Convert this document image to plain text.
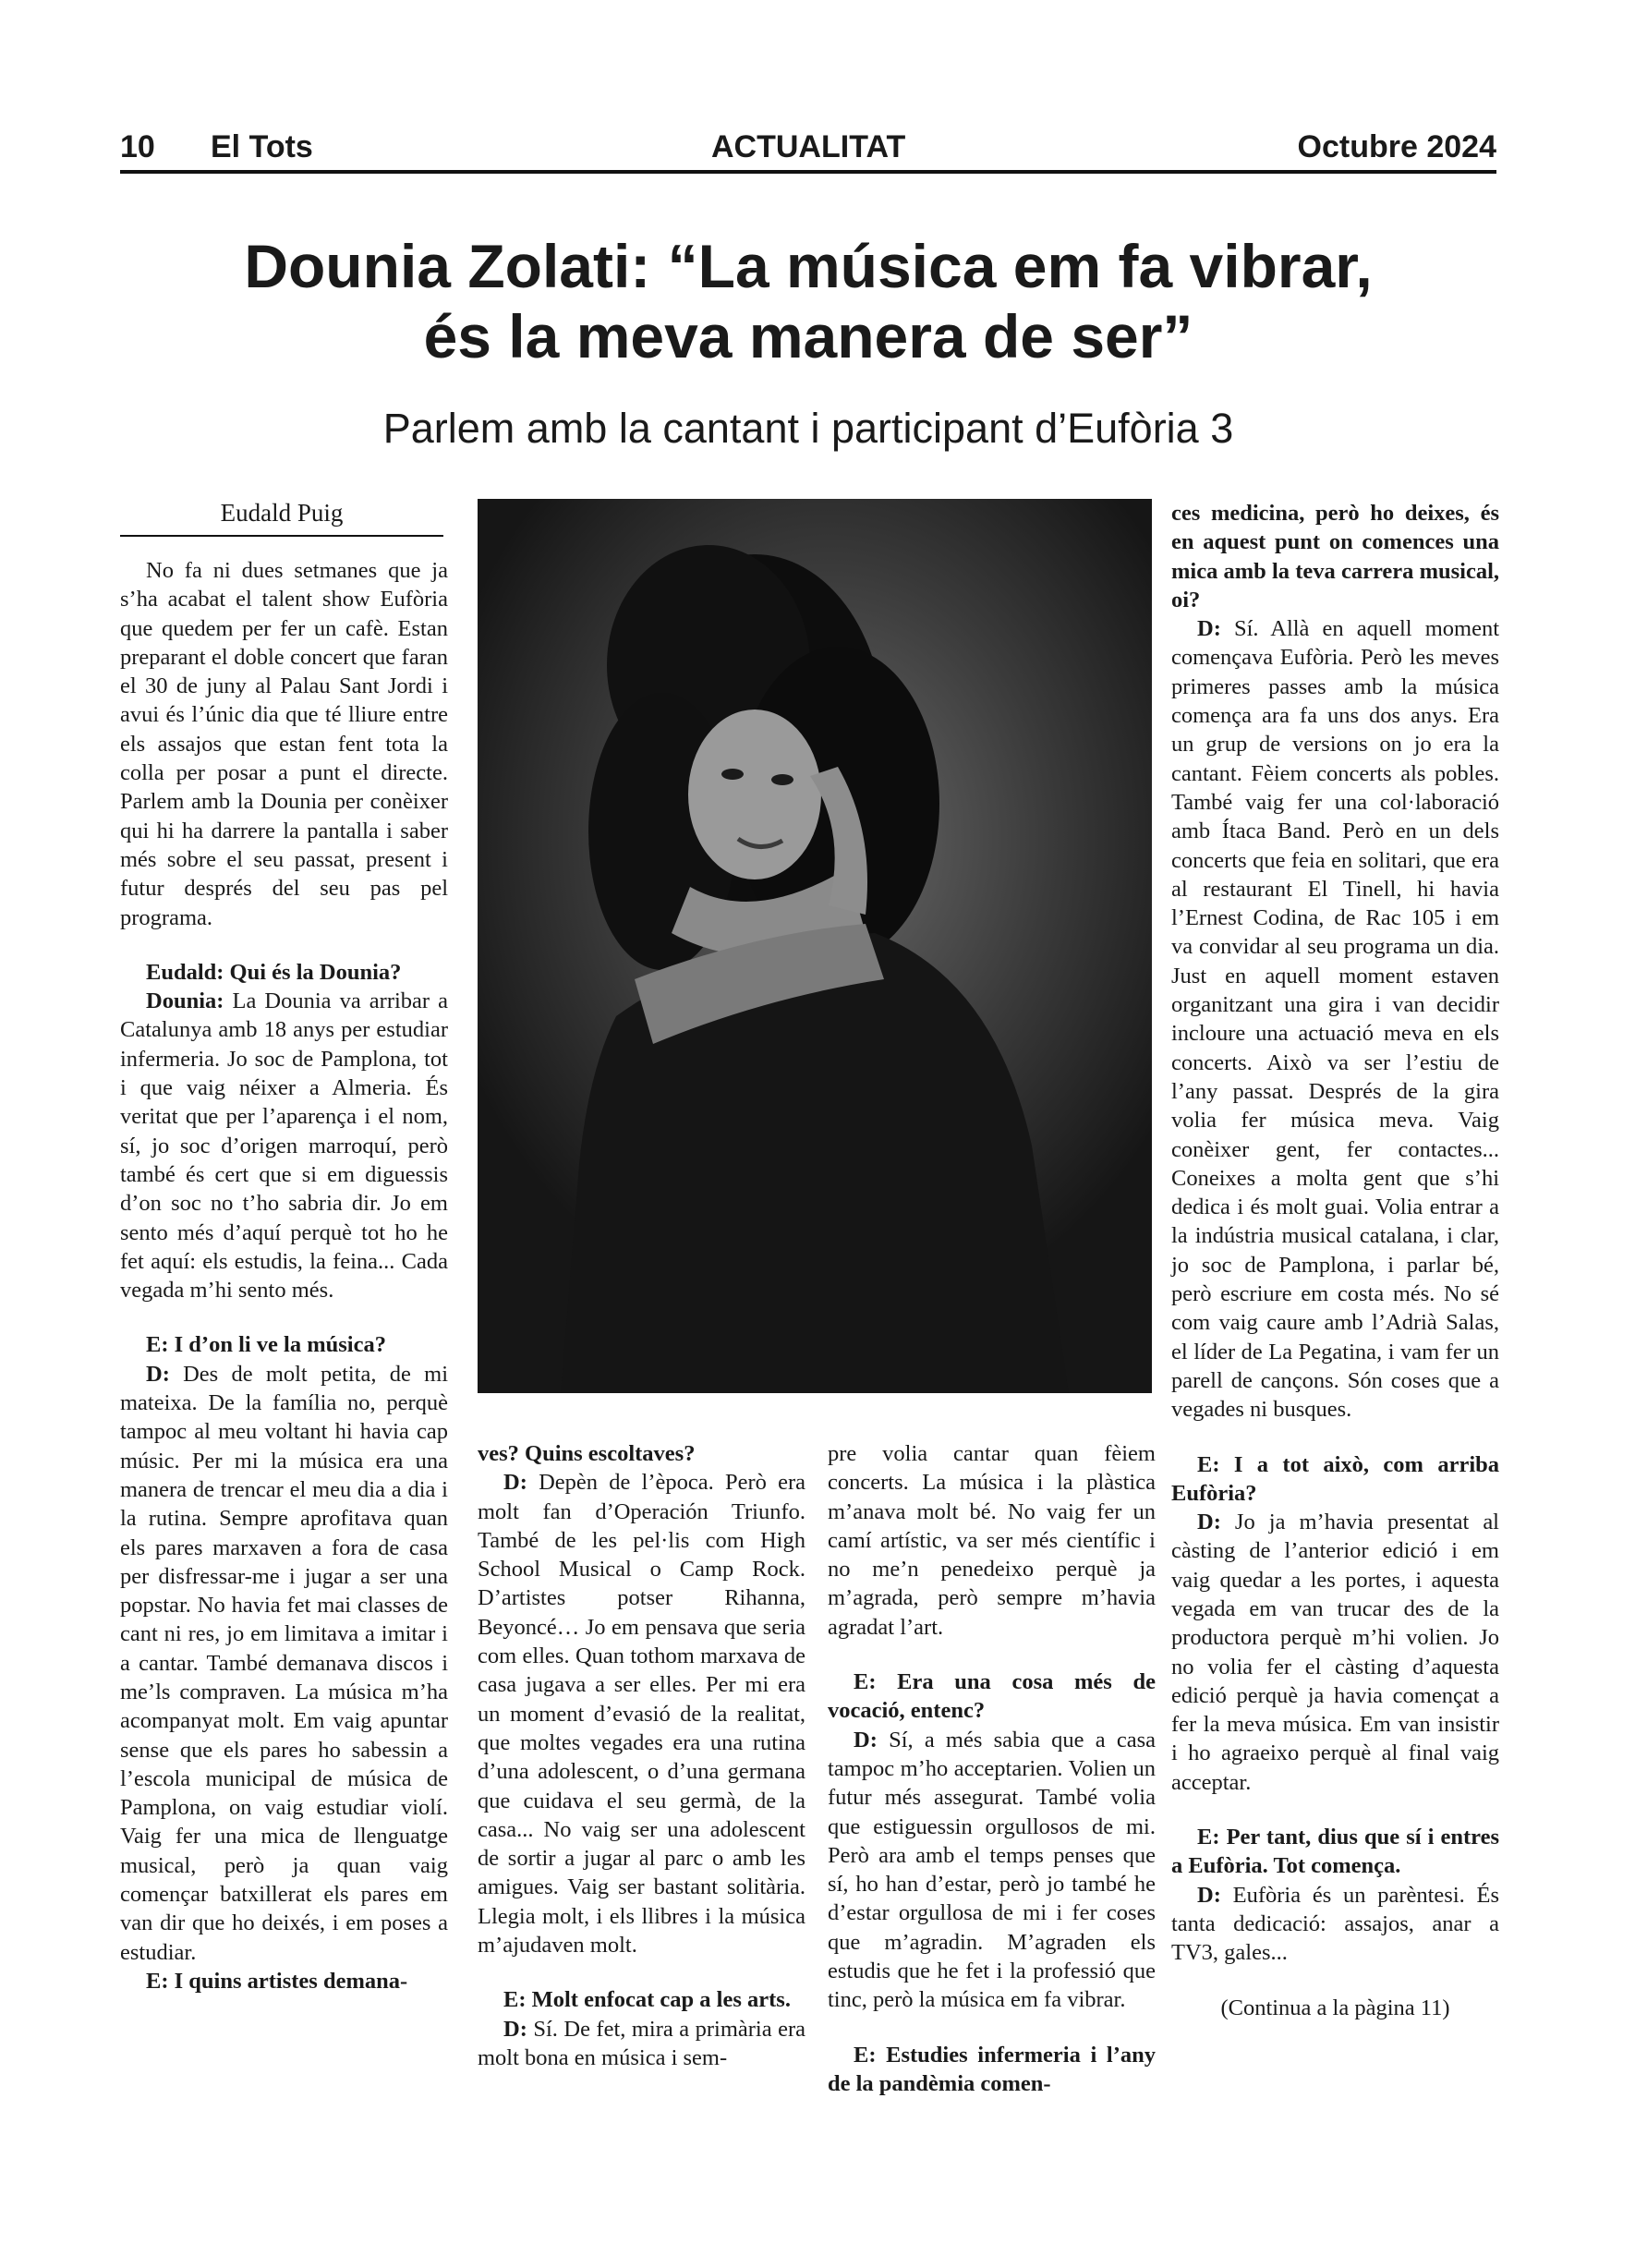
10 El Tots	ACTUALITAT	Octubre 2024
Dounia Zolati: “La música em fa vibrar,
és la meva manera de ser”
Parlem amb la cantant i participant d’Eufòria 3
Eudald Puig

No fa ni dues setmanes que ja s’ha acabat el talent show Eufòria que quedem per fer un cafè. Estan preparant el doble concert que faran el 30 de juny al Palau Sant Jordi i avui és l’únic dia que té lliure entre els assajos que estan fent tota la colla per posar a punt el directe. Parlem amb la Dounia per conèixer qui hi ha darrere la pantalla i saber més sobre el seu passat, present i futur després del seu pas pel programa.

Eudald: Qui és la Dounia?

Dounia: La Dounia va arribar a Catalunya amb 18 anys per estudiar infermeria. Jo soc de Pamplona, tot i que vaig néixer a Almeria. És veritat que per l’aparença i el nom, sí, jo soc d’origen marroquí, però també és cert que si em diguessis d’on soc no t’ho sabria dir. Jo em sento més d’aquí perquè tot ho he fet aquí: els estudis, la feina... Cada vegada m’hi sento més.

E: I d’on li ve la música?

D: Des de molt petita, de mi mateixa. De la família no, perquè tampoc al meu voltant hi havia cap músic. Per mi la música era una manera de trencar el meu dia a dia i la rutina. Sempre aprofitava quan els pares marxaven a fora de casa per disfressar-me i jugar a ser una popstar. No havia fet mai classes de cant ni res, jo em limitava a imitar i a cantar. També demanava discos i me’ls compraven. La música m’ha acompanyat molt. Em vaig apuntar sense que els pares ho sabessin a l’escola municipal de música de Pamplona, on vaig estudiar violí. Vaig fer una mica de llenguatge musical, però ja quan vaig començar batxillerat els pares em van dir que ho deixés, i em poses a estudiar.

E: I quins artistes demana-

ves? Quins escoltaves?

D: Depèn de l’època. Però era molt fan d’Operación Triunfo. També de les pel·lis com High School Musical o Camp Rock. D’artistes potser Rihanna, Beyoncé… Jo em pensava que seria com elles. Quan tothom marxava de casa jugava a ser elles. Per mi era un moment d’evasió de la realitat, que moltes vegades era una rutina d’una adolescent, o d’una germana que cuidava el seu germà, de la casa... No vaig ser una adolescent de sortir a jugar al parc o amb les amigues. Vaig ser bastant solitària. Llegia molt, i els llibres i la música m’ajudaven molt.

E: Molt enfocat cap a les arts.

D: Sí. De fet, mira a primària era molt bona en música i sem-

pre volia cantar quan fèiem concerts. La música i la plàstica m’anava molt bé. No vaig fer un camí artístic, va ser més científic i no me’n penedeixo perquè ja m’agrada, però sempre m’havia agradat l’art.

E: Era una cosa més de vocació, entenc?

D: Sí, a més sabia que a casa tampoc m’ho acceptarien. Volien un futur més assegurat. També volia que estiguessin orgullosos de mi. Però ara amb el temps penses que sí, ho han d’estar, però jo també he d’estar orgullosa de mi i fer coses que m’agradin. M’agraden els estudis que he fet i la professió que tinc, però la música em fa vibrar.

E: Estudies infermeria i l’any de la pandèmia comen-

ces medicina, però ho deixes, és en aquest punt on comences una mica amb la teva carrera musical, oi?

D: Sí. Allà en aquell moment començava Eufòria. Però les meves primeres passes amb la música comença ara fa uns dos anys. Era un grup de versions on jo era la cantant. Fèiem concerts als pobles. També vaig fer una col·laboració amb Ítaca Band. Però en un dels concerts que feia en solitari, que era al restaurant El Tinell, hi havia l’Ernest Codina, de Rac 105 i em va convidar al seu programa un dia. Just en aquell moment estaven organitzant una gira i van decidir incloure una actuació meva en els concerts. Això va ser l’estiu de l’any passat. Després de la gira volia fer música meva. Vaig conèixer gent, fer contactes... Coneixes a molta gent que s’hi dedica i és molt guai. Volia entrar a la indústria musical catalana, i clar, jo soc de Pamplona, i parlar bé, però escriure em costa més. No sé com vaig caure amb l’Adrià Salas, el líder de La Pegatina, i vam fer un parell de cançons. Són coses que a vegades ni busques.

E: I a tot això, com arriba Eufòria?

D: Jo ja m’havia presentat al càsting de l’anterior edició i em vaig quedar a les portes, i aquesta vegada em van trucar des de la productora perquè m’hi volien. Jo no volia fer el càsting d’aquesta edició perquè ja havia començat a fer la meva música. Em van insistir i ho agraeixo perquè al final vaig acceptar.

E: Per tant, dius que sí i entres a Eufòria. Tot comença.

D: Eufòria és un parèntesi. És tanta dedicació: assajos, anar a TV3, gales...

(Continua a la pàgina 11)
